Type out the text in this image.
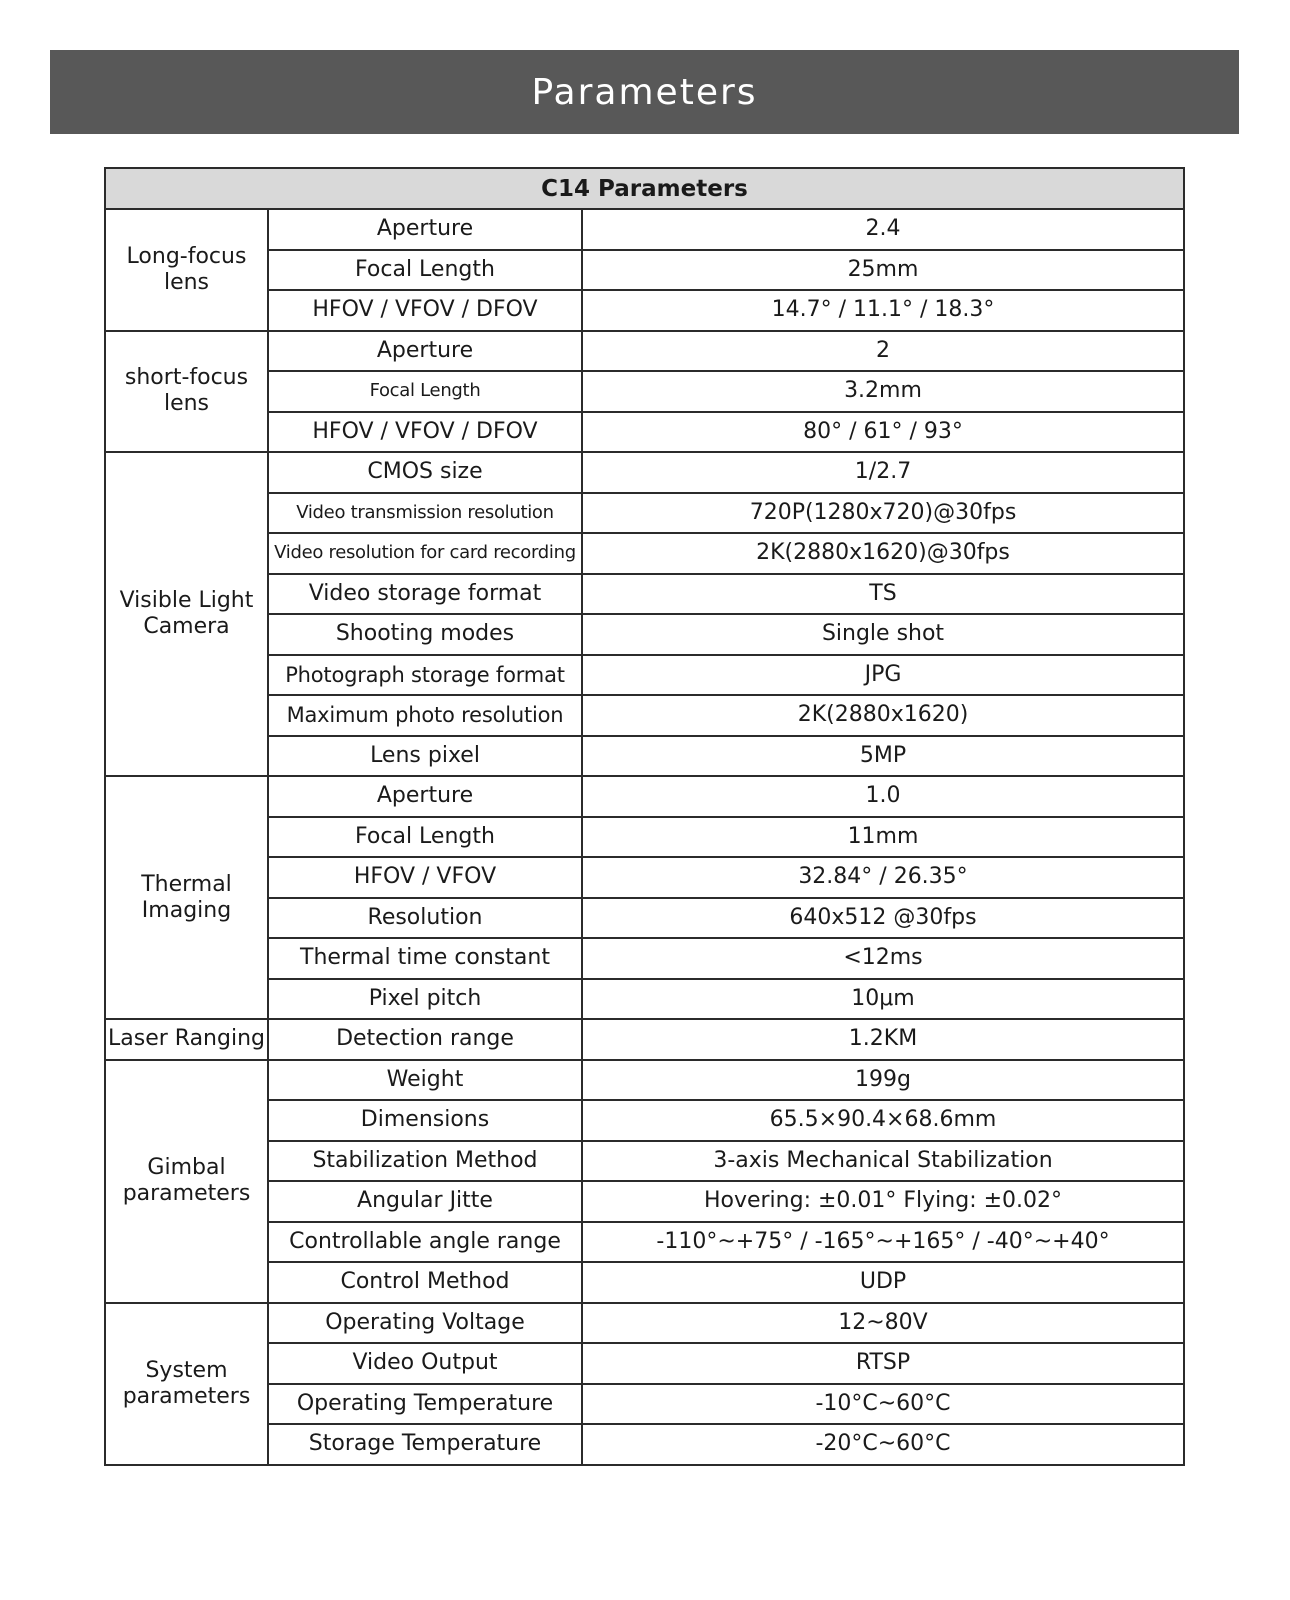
Parameters
C14 Parameters		

Long-focus
lens	Aperture	2.4
	Focal Length	25mm
	HFOV / VFOV / DFOV	14.7° / 11.1° / 18.3°

short-focus
lens	Aperture	2
	Focal Length	3.2mm
	HFOV / VFOV / DFOV	80° / 61° / 93°

Visible Light
Camera	CMOS size	1/2.7
	Video transmission resolution	720P(1280x720)@30fps
	Video resolution for card recording	2K(2880x1620)@30fps
	Video storage format	TS
	Shooting modes	Single shot
	Photograph storage format	JPG
	Maximum photo resolution	2K(2880x1620)
	Lens pixel	5MP

Thermal
Imaging	Aperture	1.0
	Focal Length	11mm
	HFOV / VFOV	32.84° / 26.35°
	Resolution	640x512 @30fps
	Thermal time constant	<12ms
	Pixel pitch	10μm

Laser Ranging	Detection range	1.2KM

Gimbal
parameters	Weight	199g
	Dimensions	65.5×90.4×68.6mm
	Stabilization Method	3-axis Mechanical Stabilization
	Angular Jitte	Hovering: ±0.01° Flying: ±0.02°
	Controllable angle range	-110°~+75° / -165°~+165° / -40°~+40°
	Control Method	UDP

System
parameters	Operating Voltage	12~80V
	Video Output	RTSP
	Operating Temperature	-10°C~60°C
	Storage Temperature	-20°C~60°C
